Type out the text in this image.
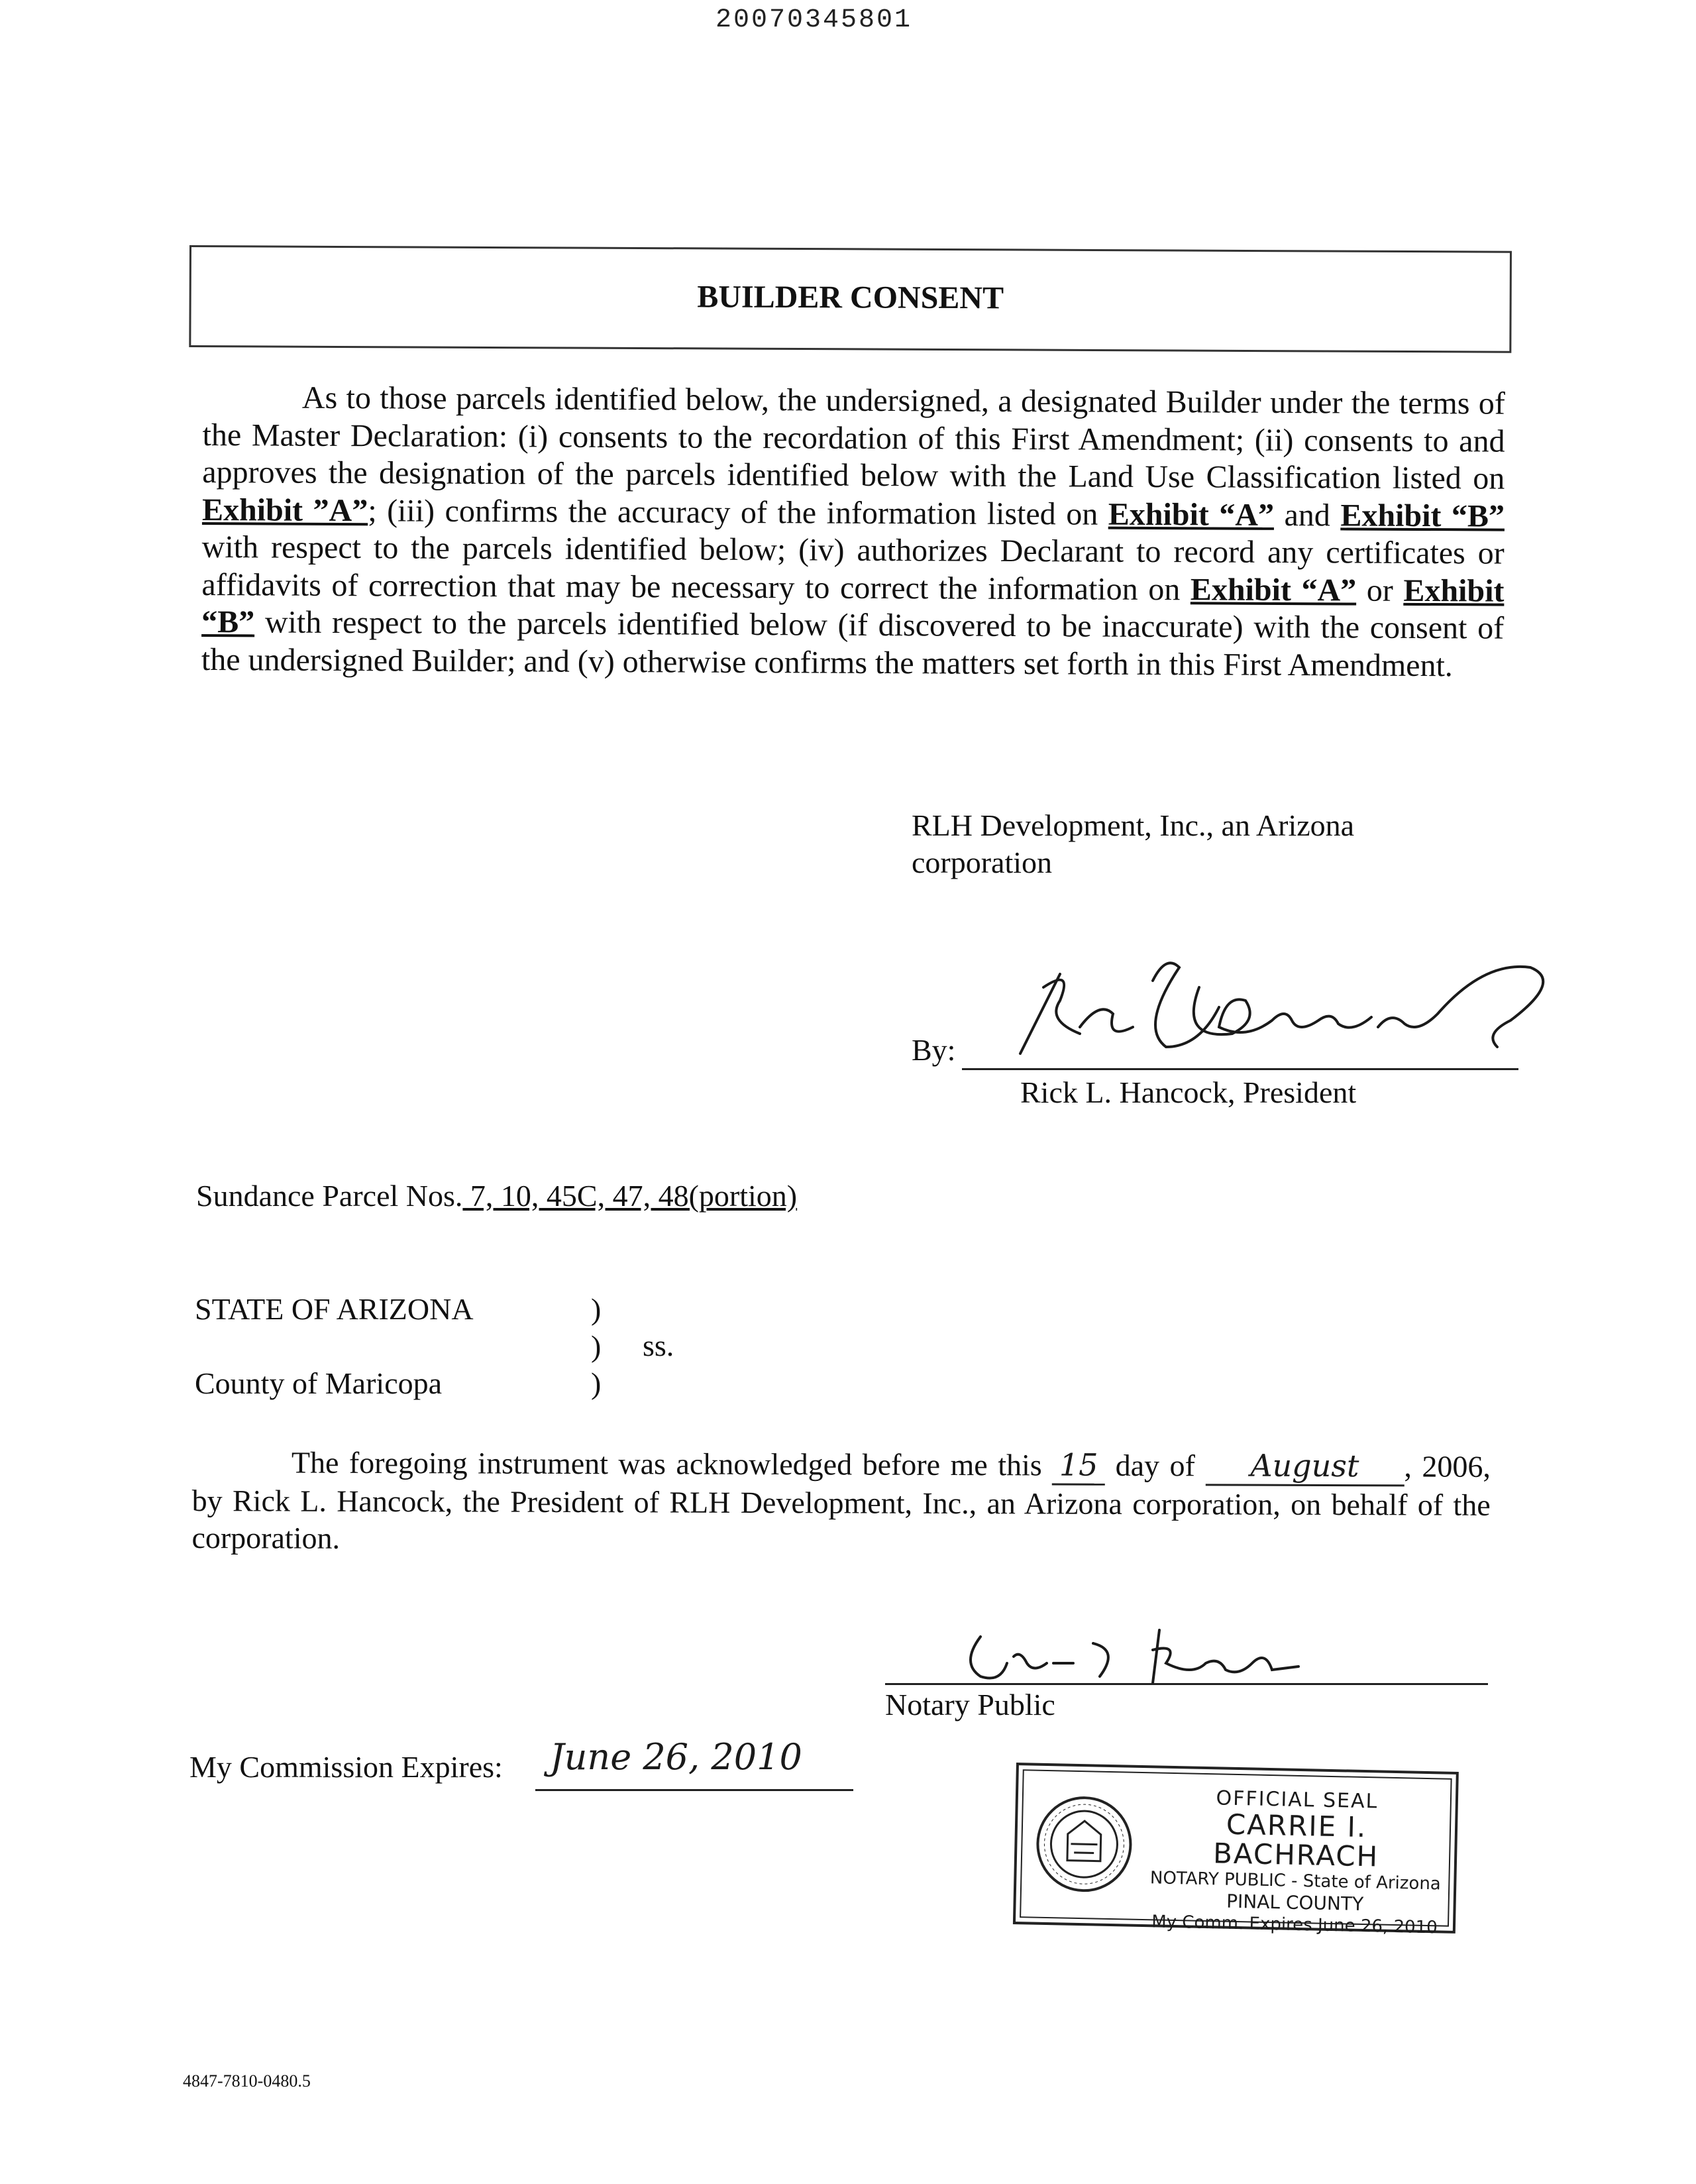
20070345801
BUILDER CONSENT
As to those parcels identified below, the undersigned, a designated Builder under the terms of the Master Declaration: (i) consents to the recordation of this First Amendment; (ii) consents to and approves the designation of the parcels identified below with the Land Use Classification listed on Exhibit ”A”; (iii) confirms the accuracy of the information listed on Exhibit “A” and Exhibit “B” with respect to the parcels identified below; (iv) authorizes Declarant to record any certificates or affidavits of correction that may be necessary to correct the information on Exhibit “A” or Exhibit “B” with respect to the parcels identified below (if discovered to be inaccurate) with the consent of the undersigned Builder; and (v) otherwise confirms the matters set forth in this First Amendment.
RLH Development, Inc., an Arizona
corporation
By:
Rick L. Hancock, President
Sundance Parcel Nos. 7, 10, 45C, 47, 48(portion)
STATE OF ARIZONA

County of Maricopa
)
)
)
ss.
The foregoing instrument was acknowledged before me this 15 day of August , 2006, by Rick L. Hancock, the President of RLH Development, Inc., an Arizona corporation, on behalf of the corporation.
Notary Public
My Commission Expires: June 26, 2010
OFFICIAL SEAL
CARRIE I. BACHRACH
NOTARY PUBLIC - State of Arizona
PINAL COUNTY
My Comm. Expires June 26, 2010
4847-7810-0480.5
